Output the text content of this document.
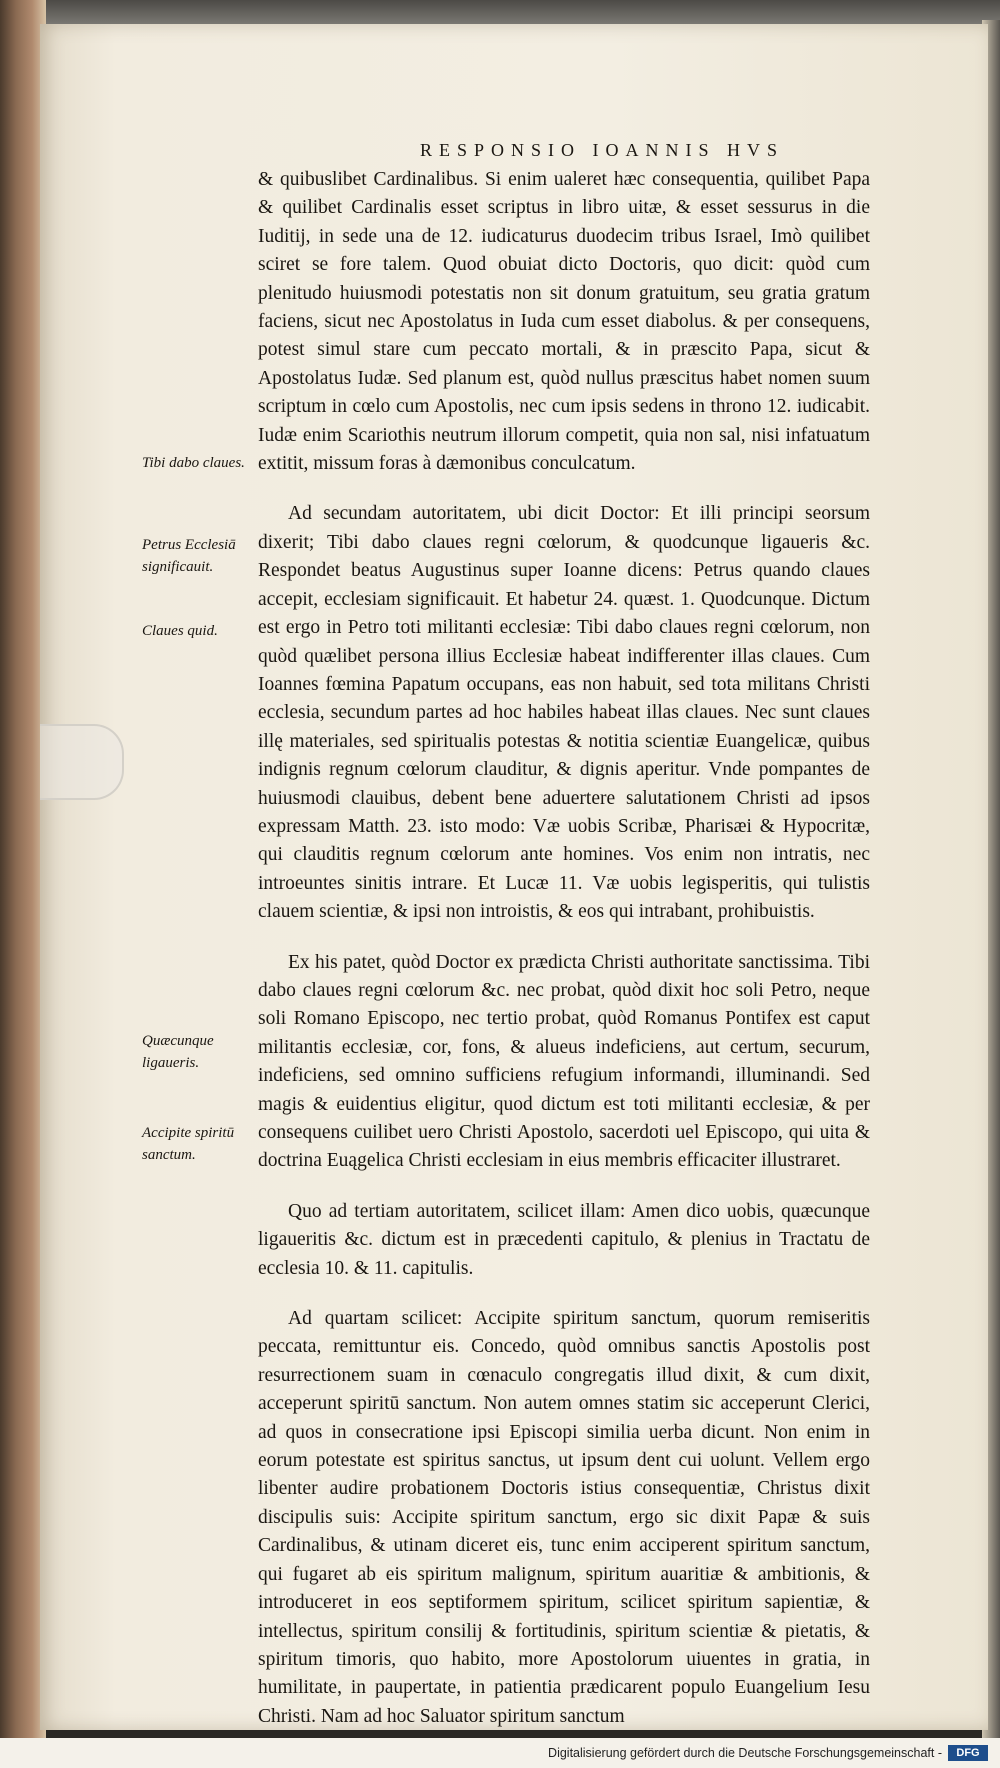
RESPONSIO IOANNIS HVS
Tibi dabo claues.
Petrus Ecclesiā significauit.
Claues quid.
Quæcunque ligaueris.
Accipite spiritū sanctum.

& quibuslibet Cardinalibus. Si enim ualeret hæc consequentia, quilibet Papa & quilibet Cardinalis esset scriptus in libro uitæ, & esset sessurus in die Iuditij, in sede una de 12. iudicaturus duodecim tribus Israel, Imò quilibet sciret se fore talem. Quod obuiat dicto Doctoris, quo dicit: quòd cum plenitudo huiusmodi potestatis non sit donum gratuitum, seu gratia gratum faciens, sicut nec Apostolatus in Iuda cum esset diabolus. & per consequens, potest simul stare cum peccato mortali, & in præscito Papa, sicut & Apostolatus Iudæ. Sed planum est, quòd nullus præscitus habet nomen suum scriptum in cœlo cum Apostolis, nec cum ipsis sedens in throno 12. iudicabit. Iudæ enim Scariothis neutrum illorum competit, quia non sal, nisi infatuatum extitit, missum foras à dæmonibus conculcatum.

Ad secundam autoritatem, ubi dicit Doctor: Et illi principi seorsum dixerit; Tibi dabo claues regni cœlorum, & quodcunque ligaueris &c. Respondet beatus Augustinus super Ioanne dicens: Petrus quando claues accepit, ecclesiam significauit. Et habetur 24. quæst. 1. Quodcunque. Dictum est ergo in Petro toti militanti ecclesiæ: Tibi dabo claues regni cœlorum, non quòd quælibet persona illius Ecclesiæ habeat indifferenter illas claues. Cum Ioannes fœmina Papatum occupans, eas non habuit, sed tota militans Christi ecclesia, secundum partes ad hoc habiles habeat illas claues. Nec sunt claues illę materiales, sed spiritualis potestas & notitia scientiæ Euangelicæ, quibus indignis regnum cœlorum clauditur, & dignis aperitur. Vnde pompantes de huiusmodi clauibus, debent bene aduertere salutationem Christi ad ipsos expressam Matth. 23. isto modo: Væ uobis Scribæ, Pharisæi & Hypocritæ, qui clauditis regnum cœlorum ante homines. Vos enim non intratis, nec introeuntes sinitis intrare. Et Lucæ 11. Væ uobis legisperitis, qui tulistis clauem scientiæ, & ipsi non introistis, & eos qui intrabant, prohibuistis.

Ex his patet, quòd Doctor ex prædicta Christi authoritate sanctissima. Tibi dabo claues regni cœlorum &c. nec probat, quòd dixit hoc soli Petro, neque soli Romano Episcopo, nec tertio probat, quòd Romanus Pontifex est caput militantis ecclesiæ, cor, fons, & alueus indeficiens, aut certum, securum, indeficiens, sed omnino sufficiens refugium informandi, illuminandi. Sed magis & euidentius eligitur, quod dictum est toti militanti ecclesiæ, & per consequens cuilibet uero Christi Apostolo, sacerdoti uel Episcopo, qui uita & doctrina Euągelica Christi ecclesiam in eius membris efficaciter illustraret.

Quo ad tertiam autoritatem, scilicet illam: Amen dico uobis, quæcunque ligaueritis &c. dictum est in præcedenti capitulo, & plenius in Tractatu de ecclesia 10. & 11. capitulis.

Ad quartam scilicet: Accipite spiritum sanctum, quorum remiseritis peccata, remittuntur eis. Concedo, quòd omnibus sanctis Apostolis post resurrectionem suam in cœnaculo congregatis illud dixit, & cum dixit, acceperunt spiritū sanctum. Non autem omnes statim sic acceperunt Clerici, ad quos in consecratione ipsi Episcopi similia uerba dicunt. Non enim in eorum potestate est spiritus sanctus, ut ipsum dent cui uolunt. Vellem ergo libenter audire probationem Doctoris istius consequentiæ, Christus dixit discipulis suis: Accipite spiritum sanctum, ergo sic dixit Papæ & suis Cardinalibus, & utinam diceret eis, tunc enim acciperent spiritum sanctum, qui fugaret ab eis spiritum malignum, spiritum auaritiæ & ambitionis, & introduceret in eos septiformem spiritum, scilicet spiritum sapientiæ, & intellectus, spiritum consilij & fortitudinis, spiritum scientiæ & pietatis, & spiritum timoris, quo habito, more Apostolorum uiuentes in gratia, in humilitate, in paupertate, in patientia prædicarent populo Euangelium Iesu Christi. Nam ad hoc Saluator spiritum sanctum

Digitalisierung gefördert durch die Deutsche Forschungsgemeinschaft -	DFG
